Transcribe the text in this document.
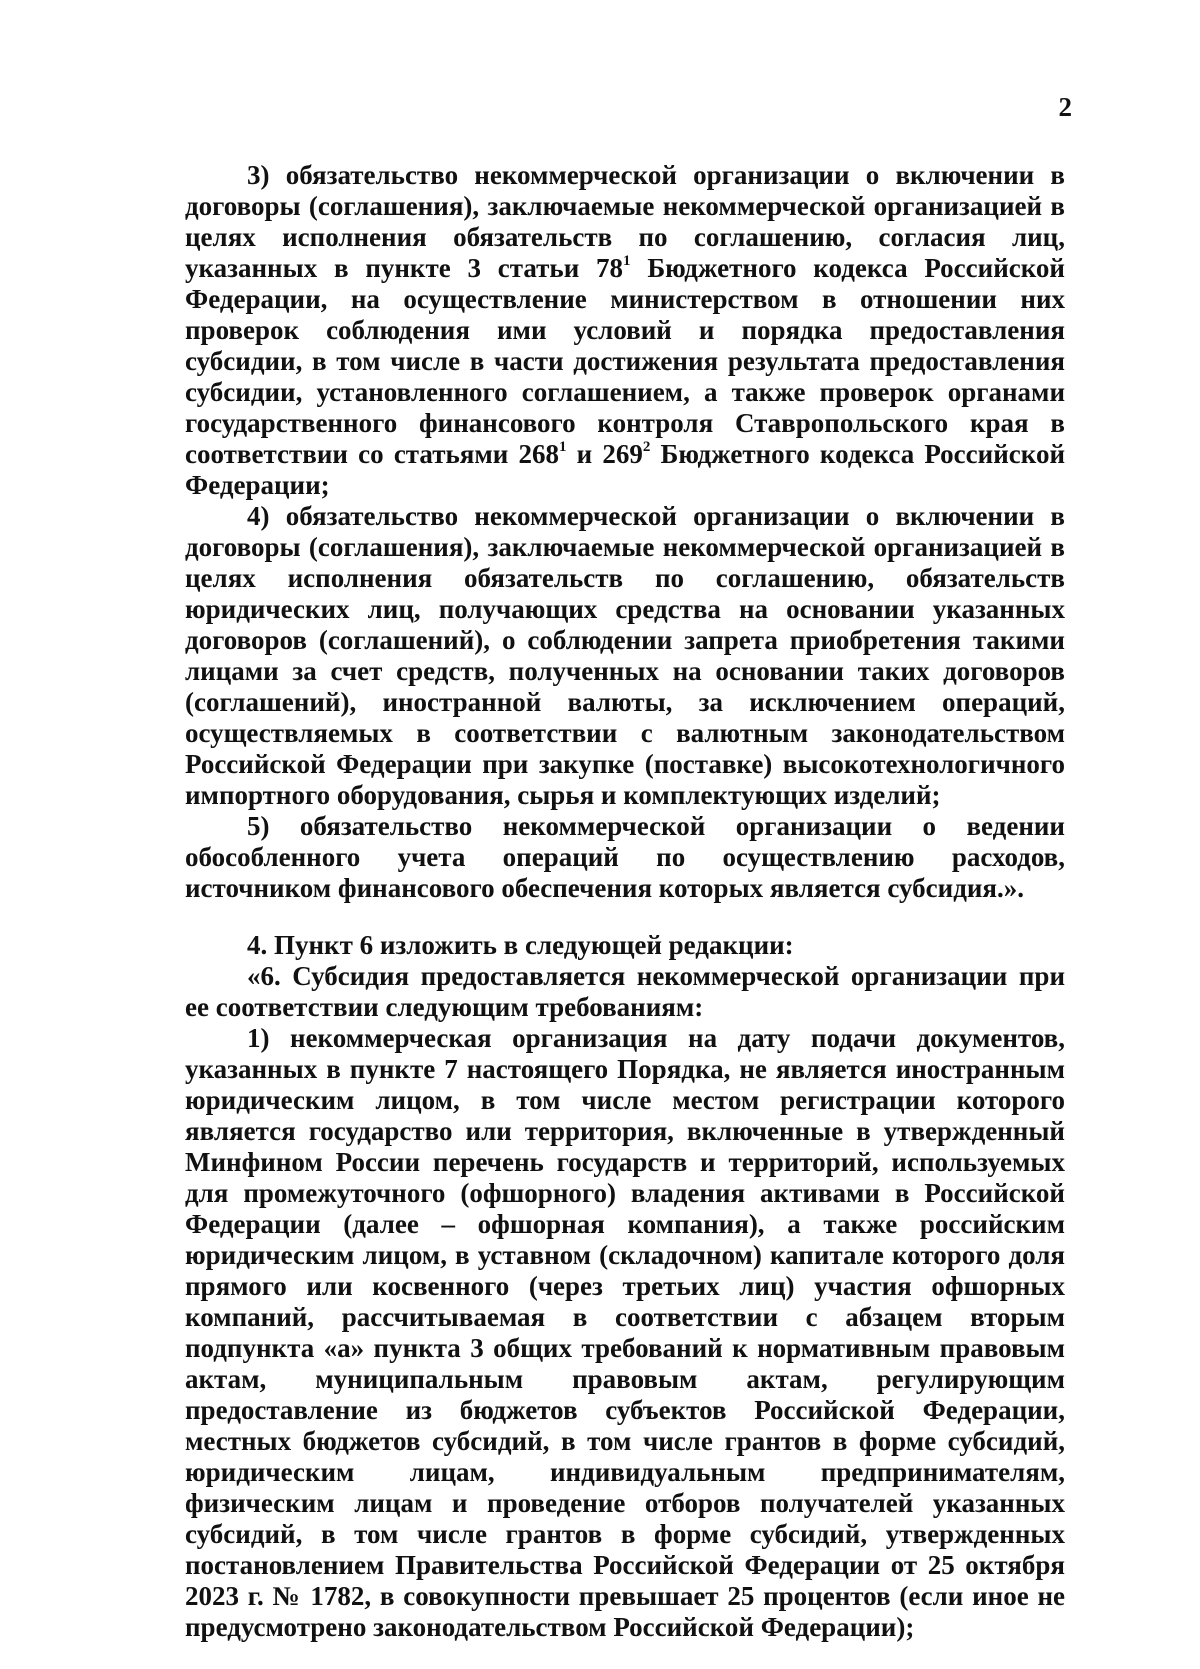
2

3) обязательство некоммерческой организации о включении в договоры (соглашения), заключаемые некоммерческой организацией в целях исполнения обязательств по соглашению, согласия лиц, указанных в пункте 3 статьи $78^1$ Бюджетного кодекса Российской Федерации, на осуществление министерством в отношении них проверок соблюдения ими условий и порядка предоставления субсидии, в том числе в части достижения результата предоставления субсидии, установленного соглашением, а также проверок органами государственного финансового контроля Ставропольского края в соответствии со статьями $268^1$ и $269^2$ Бюджетного кодекса Российской Федерации;

4) обязательство некоммерческой организации о включении в договоры (соглашения), заключаемые некоммерческой организацией в целях исполнения обязательств по соглашению, обязательств юридических лиц, получающих средства на основании указанных договоров (соглашений), о соблюдении запрета приобретения такими лицами за счет средств, полученных на основании таких договоров (соглашений), иностранной валюты, за исключением операций, осуществляемых в соответствии с валютным законодательством Российской Федерации при закупке (поставке) высокотехнологичного импортного оборудования, сырья и комплектующих изделий;

5) обязательство некоммерческой организации о ведении обособленного учета операций по осуществлению расходов, источником финансового обеспечения которых является субсидия.».

4. Пункт 6 изложить в следующей редакции:

«6. Субсидия предоставляется некоммерческой организации при ее соответствии следующим требованиям:

1) некоммерческая организация на дату подачи документов, указанных в пункте 7 настоящего Порядка, не является иностранным юридическим лицом, в том числе местом регистрации которого является государство или территория, включенные в утвержденный Минфином России перечень государств и территорий, используемых для промежуточного (офшорного) владения активами в Российской Федерации (далее – офшорная компания), а также российским юридическим лицом, в уставном (складочном) капитале которого доля прямого или косвенного (через третьих лиц) участия офшорных компаний, рассчитываемая в соответствии с абзацем вторым подпункта «а» пункта 3 общих требований к нормативным правовым актам, муниципальным правовым актам, регулирующим предоставление из бюджетов субъектов Российской Федерации, местных бюджетов субсидий, в том числе грантов в форме субсидий, юридическим лицам, индивидуальным предпринимателям, физическим лицам и проведение отборов получателей указанных субсидий, в том числе грантов в форме субсидий, утвержденных постановлением Правительства Российской Федерации от 25 октября 2023 г. № 1782, в совокупности превышает 25 процентов (если иное не предусмотрено законодательством Российской Федерации);
